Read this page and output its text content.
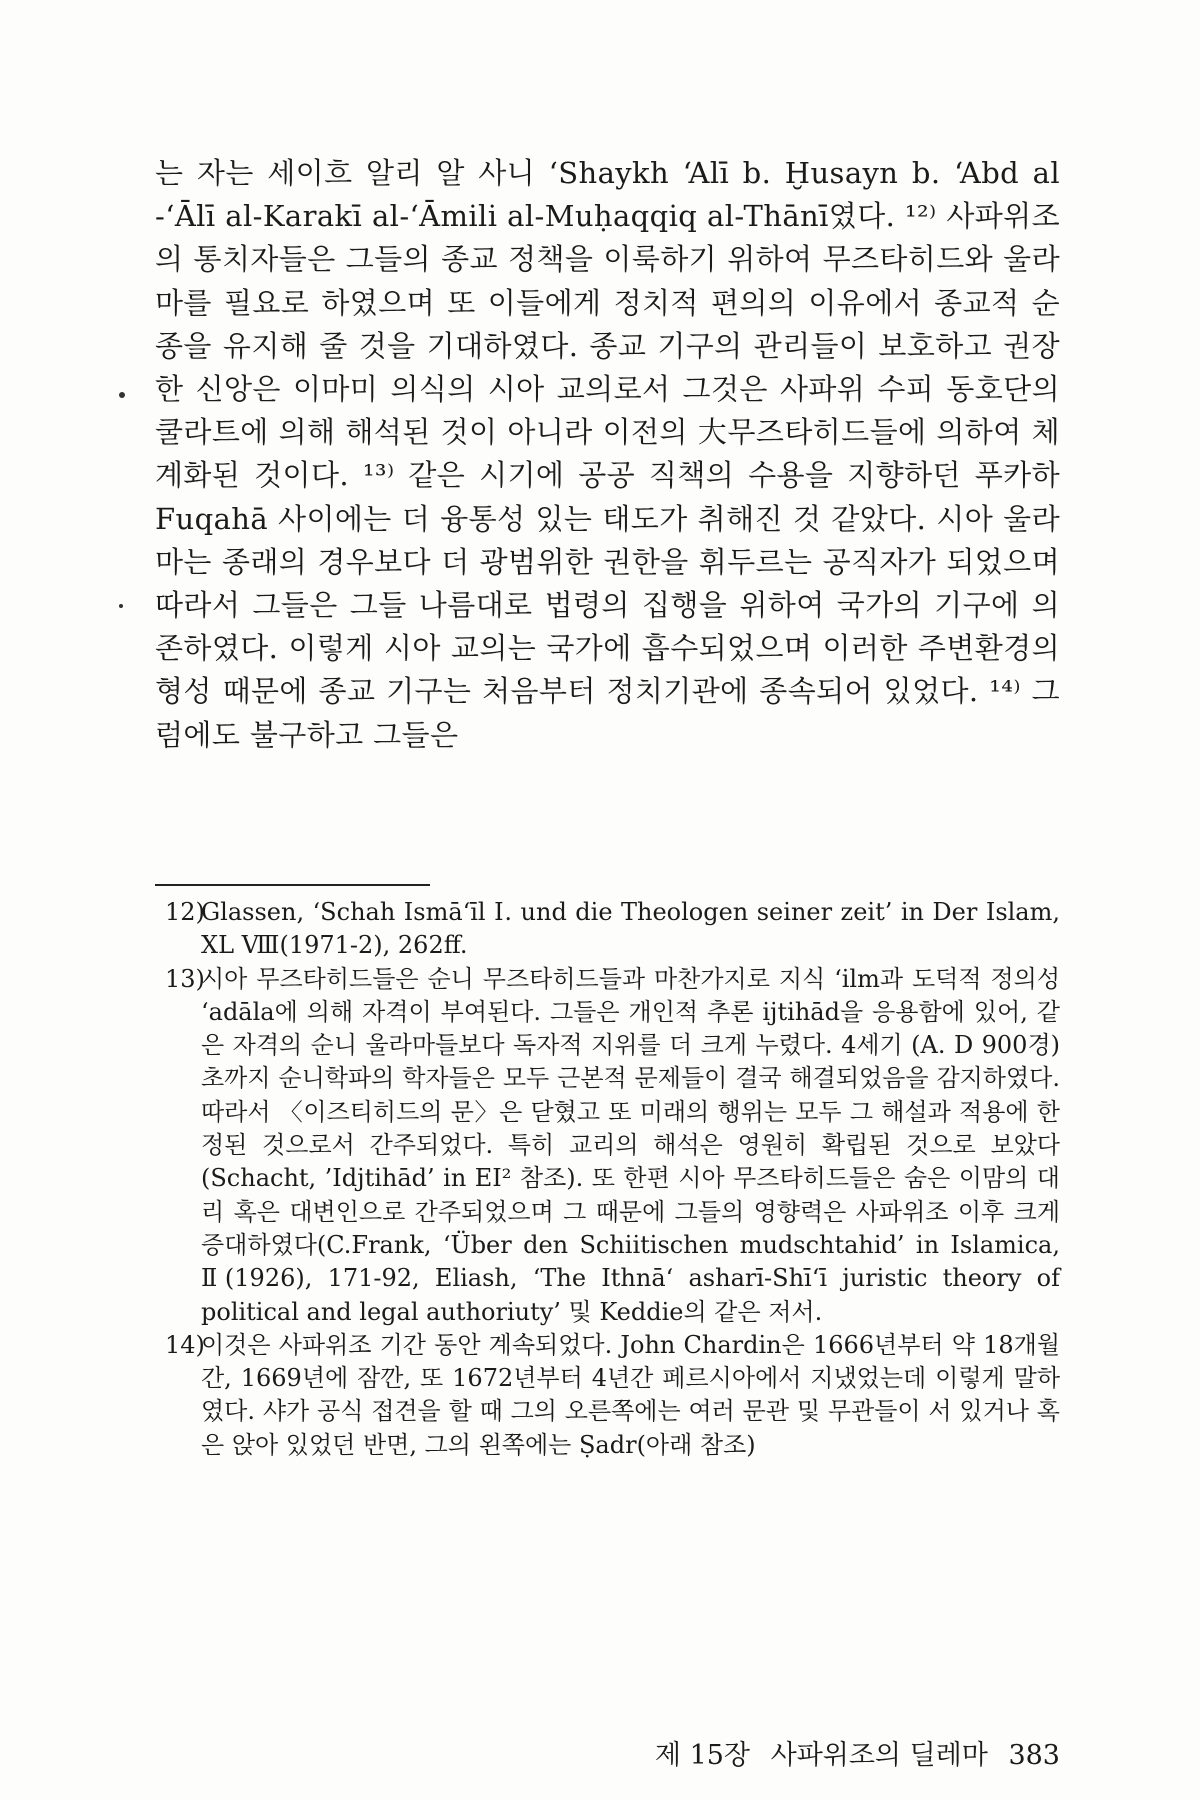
는 자는 세이흐 알리 알 사니 ‘Shaykh ‘Alī b. Ḫusayn b. ‘Abd al -‘Ālī al-Karakī al-‘Āmili al-Muḥaqqiq al-Thānī였다. ¹²⁾ 사파위조의 통치자들은 그들의 종교 정책을 이룩하기 위하여 무즈타히드와 울라마를 필요로 하였으며 또 이들에게 정치적 편의의 이유에서 종교적 순종을 유지해 줄 것을 기대하였다. 종교 기구의 관리들이 보호하고 권장한 신앙은 이마미 의식의 시아 교의로서 그것은 사파위 수피 동호단의 쿨라트에 의해 해석된 것이 아니라 이전의 大무즈타히드들에 의하여 체계화된 것이다. ¹³⁾ 같은 시기에 공공 직책의 수용을 지향하던 푸카하 Fuqahā 사이에는 더 융통성 있는 태도가 취해진 것 같았다. 시아 울라마는 종래의 경우보다 더 광범위한 권한을 휘두르는 공직자가 되었으며 따라서 그들은 그들 나름대로 법령의 집행을 위하여 국가의 기구에 의존하였다. 이렇게 시아 교의는 국가에 흡수되었으며 이러한 주변환경의 형성 때문에 종교 기구는 처음부터 정치기관에 종속되어 있었다. ¹⁴⁾ 그럼에도 불구하고 그들은

12)Glassen, ‘Schah Ismā‘īl Ⅰ. und die Theologen seiner zeit’ in Der Islam, XL Ⅷ(1971-2), 262ff.
13)시아 무즈타히드들은 순니 무즈타히드들과 마찬가지로 지식 ‘ilm과 도덕적 정의성 ‘adāla에 의해 자격이 부여된다. 그들은 개인적 추론 ijtihād을 응용함에 있어, 같은 자격의 순니 울라마들보다 독자적 지위를 더 크게 누렸다. 4세기 (A. D 900경) 초까지 순니학파의 학자들은 모두 근본적 문제들이 결국 해결되었음을 감지하였다. 따라서 〈이즈티히드의 문〉은 닫혔고 또 미래의 행위는 모두 그 해설과 적용에 한정된 것으로서 간주되었다. 특히 교리의 해석은 영원히 확립된 것으로 보았다(Schacht, ’Idjtihād’ in EI² 참조). 또 한편 시아 무즈타히드들은 숨은 이맘의 대리 혹은 대변인으로 간주되었으며 그 때문에 그들의 영향력은 사파위조 이후 크게 증대하였다(C.Frank, ‘Über den Schiitischen mudschtahid’ in Islamica, Ⅱ(1926), 171-92, Eliash, ‘The Ithnā‘ asharī-Shī‘ī juristic theory of political and legal authoriuty’ 및 Keddie의 같은 저서.
14)이것은 사파위조 기간 동안 계속되었다. John Chardin은 1666년부터 약 18개월간, 1669년에 잠깐, 또 1672년부터 4년간 페르시아에서 지냈었는데 이렇게 말하였다. 샤가 공식 접견을 할 때 그의 오른쪽에는 여러 문관 및 무관들이 서 있거나 혹은 앉아 있었던 반면, 그의 왼쪽에는 Ṣadr(아래 참조)
제 15장 사파위조의 딜레마 383
